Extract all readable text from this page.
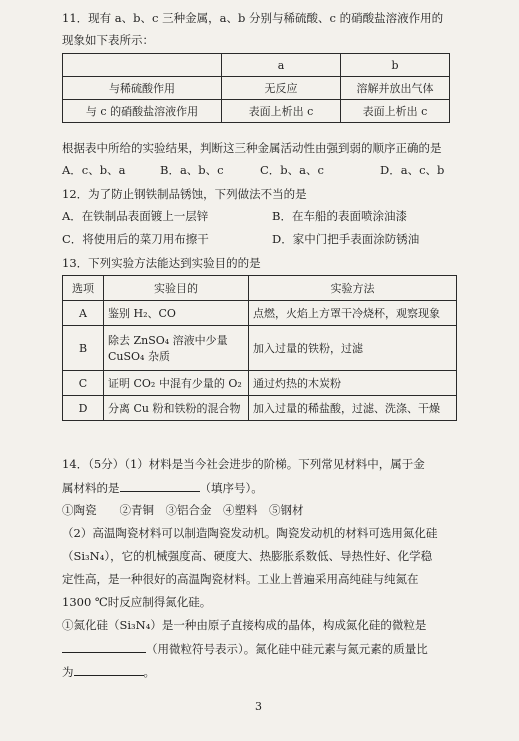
11．现有 a、b、c 三种金属，a、b 分别与稀硫酸、c 的硝酸盐溶液作用的
现象如下表所示：
	a	b
与稀硫酸作用	无反应	溶解并放出气体
与 c 的硝酸盐溶液作用	表面上析出 c	表面上析出 c
根据表中所给的实验结果，判断这三种金属活动性由强到弱的顺序正确的是
A．c、b、a	B．a、b、c	C．b、a、c	D．a、c、b
12．为了防止钢铁制品锈蚀，下列做法不当的是
A．在铁制品表面镀上一层锌	B．在车船的表面喷涂油漆
C．将使用后的菜刀用布擦干	D．家中门把手表面涂防锈油
13．下列实验方法能达到实验目的的是
14．（5分）（1）材料是当今社会进步的阶梯。下列常见材料中，属于金
属材料的是	（填序号）。
①陶瓷　　②青铜　③铝合金　④塑料　⑤钢材
（2）高温陶瓷材料可以制造陶瓷发动机。陶瓷发动机的材料可选用氮化硅
（Si₃N₄），它的机械强度高、硬度大、热膨胀系数低、导热性好、化学稳
定性高，是一种很好的高温陶瓷材料。工业上普遍采用高纯硅与纯氮在
1300 ℃时反应制得氮化硅。
①氮化硅（Si₃N₄）是一种由原子直接构成的晶体，构成氮化硅的微粒是
（用微粒符号表示）。氮化硅中硅元素与氮元素的质量比
为	。
3
选项	实验目的	实验方法
A	鉴别 H₂、CO	点燃，火焰上方罩干冷烧杯，观察现象
B	除去 ZnSO₄ 溶液中少量
CuSO₄ 杂质	加入过量的铁粉，过滤
C	证明 CO₂ 中混有少量的 O₂	通过灼热的木炭粉
D	分离 Cu 粉和铁粉的混合物	加入过量的稀盐酸，过滤、洗涤、干燥
